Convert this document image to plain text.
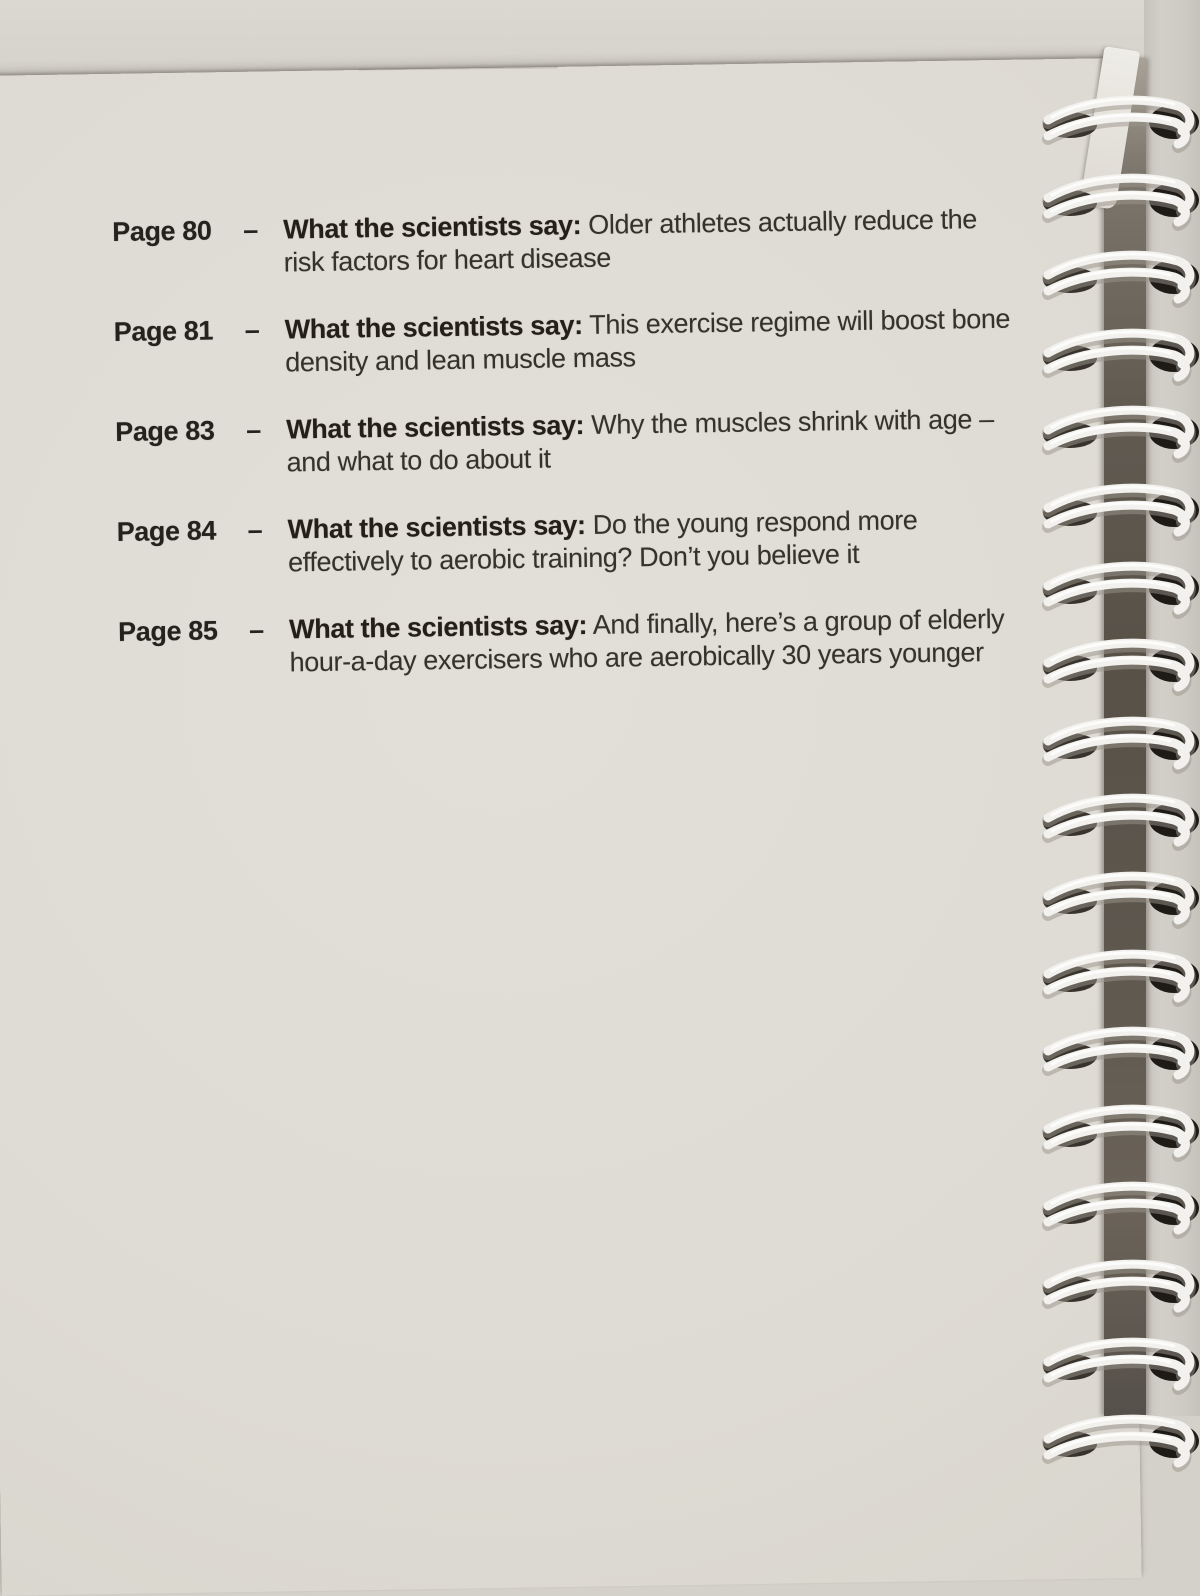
Page 80	– What the scientists say: Older athletes actually reduce the risk factors for heart disease
Page 81	– What the scientists say: This exercise regime will boost bone density and lean muscle mass
Page 83	– What the scientists say: Why the muscles shrink with age – and what to do about it
Page 84	– What the scientists say: Do the young respond more effectively to aerobic training? Don’t you believe it
Page 85	– What the scientists say: And finally, here’s a group of elderly hour-a-day exercisers who are aerobically 30 years younger
